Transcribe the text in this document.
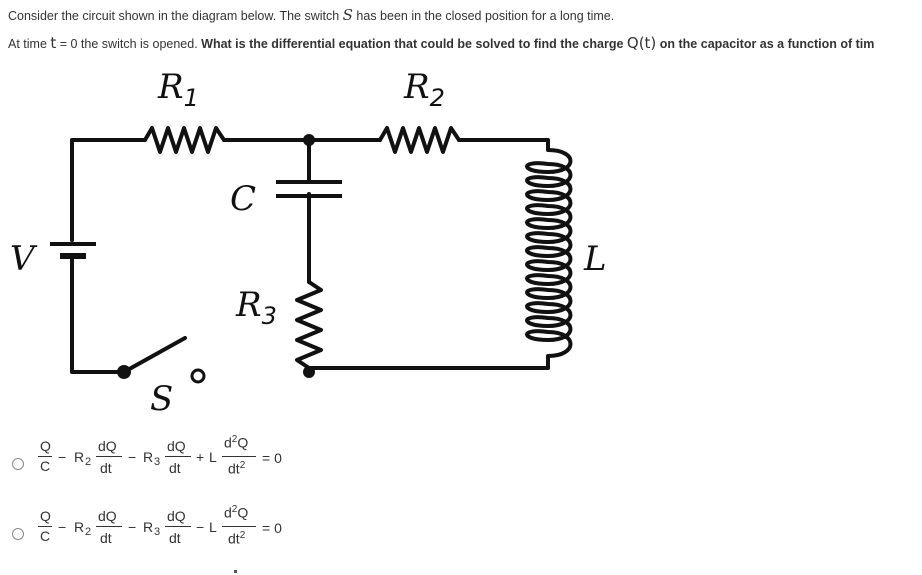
Consider the circuit shown in the diagram below. The switch S has been in the closed position for a long time.
At time t = 0 the switch is opened. What is the differential equation that could be solved to find the charge Q(t) on the capacitor as a function of tim
$R_1$	$R_2$
C
V
$R_3$
L
S
Q
C
− R 2
dQ
dt
− R 3
dQ
dt
+ L
$d^2Q$
$dt^2 = 0$
Q
C
− R 2
dQ
dt
− R 3
dQ
dt
− L
$d^2Q$
$dt^2 = 0$
